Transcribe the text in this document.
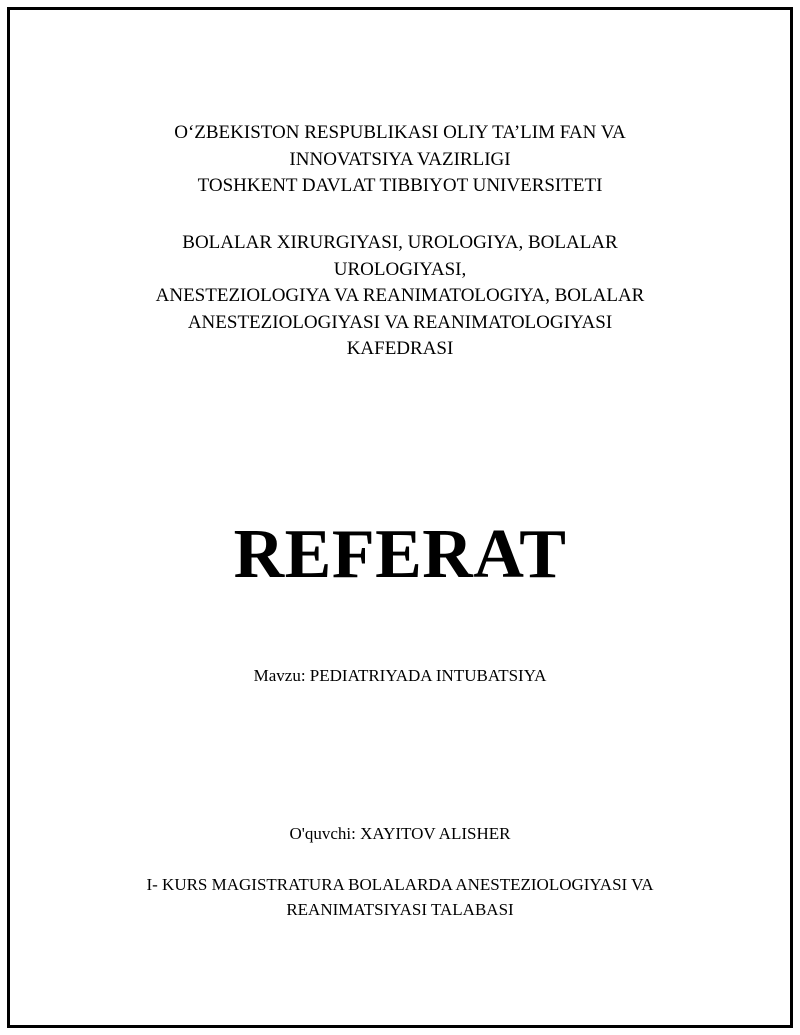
O‘ZBEKISTON RESPUBLIKASI OLIY TA’LIM FAN VA
INNOVATSIYA VAZIRLIGI
TOSHKENT DAVLAT TIBBIYOT UNIVERSITETI
BOLALAR XIRURGIYASI, UROLOGIYA, BOLALAR
UROLOGIYASI,
ANESTEZIOLOGIYA VA REANIMATOLOGIYA, BOLALAR
ANESTEZIOLOGIYASI VA REANIMATOLOGIYASI
KAFEDRASI
REFERAT
Mavzu: PEDIATRIYADA INTUBATSIYA
O'quvchi: XAYITOV ALISHER
I- KURS MAGISTRATURA BOLALARDA ANESTEZIOLOGIYASI VA
REANIMATSIYASI TALABASI
